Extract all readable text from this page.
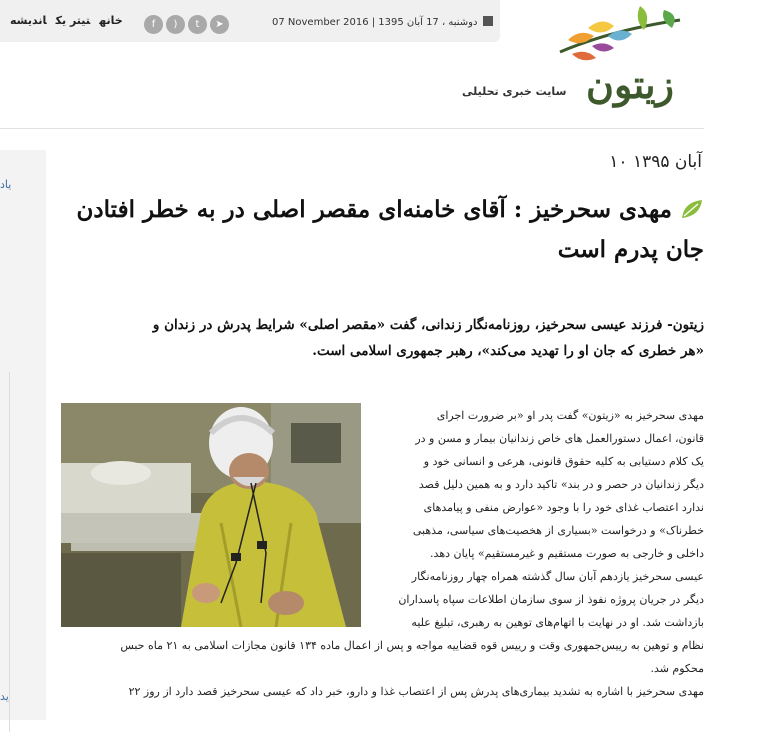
خانهتیتر یکاندیشه	f ) t ➤	07 November 2016 | دوشنبه ، 17 آبان 1395
زیتون
سایت خبری تحلیلی
یاد
ید
۱۰ آبان ۱۳۹۵
مهدی سحرخیز : آقای خامنه‌ای مقصر اصلی در به خطر افتادن
جان پدرم است
زیتون- فرزند عیسی سحرخیز، روزنامه‌نگار زندانی، گفت «مقصر اصلی» شرایط پدرش در زندان و
«هر خطری که جان او را تهدید می‌کند»، رهبر جمهوری اسلامی است.

مهدی سحرخیز به «زیتون» گفت پدر او «بر ضرورت اجرای

قانون، اعمال دستورالعمل های خاص زندانیان بیمار و مسن و در

یک کلام دستیابی به کلیه حقوق قانونی، هرعی و انسانی خود و

دیگر زندانیان در حصر و در بند» تاکید دارد و به همین دلیل قصد

ندارد اعتصاب غذای خود را با وجود «عوارض منفی و پیامدهای

خطرناک» و درخواست «بسیاری از هخصیت‌های سیاسی، مذهبی

داخلی و خارجی به صورت مستقیم و غیرمستقیم» پایان دهد.

عیسی سحرخیز یازدهم آبان سال گذشته همراه چهار روزنامه‌نگار

دیگر در جریان پروژه نفوذ از سوی سازمان اطلاعات سپاه پاسداران

بازداشت شد. او در نهایت با اتهام‌های توهین به رهبری، تبلیغ علیه

نظام و توهین به رییس‌جمهوری وقت و رییس قوه قضاییه مواجه و پس از اعمال ماده ۱۳۴ قانون مجازات اسلامی به ۲۱ ماه حبس

محکوم شد.

مهدی سحرخیز با اشاره به تشدید بیماری‌های پدرش پس از اعتصاب غذا و دارو، خبر داد که عیسی سحرخیز قصد دارد از روز ۲۲
